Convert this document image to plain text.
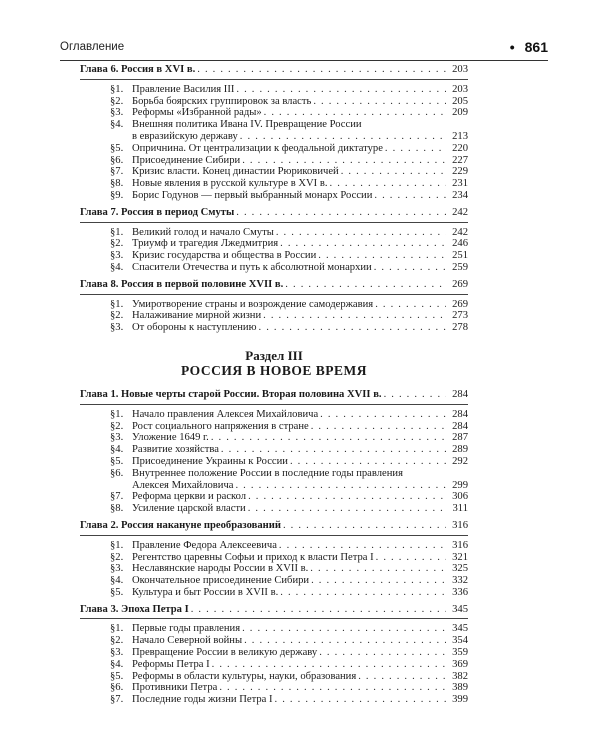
Оглавление	• 861
Глава 6. Россия в XVI в. . . .	203
§1. Правление Василия III . . .	203
§2. Борьба боярских группировок за власть . . .	205
§3. Реформы «Избранной рады» . . .	209
§4. Внешняя политика Ивана IV. Превращение России
в евразийскую державу . . .	213
§5. Опричнина. От централизации к феодальной диктатуре . . .	220
§6. Присоединение Сибири . . .	227
§7. Кризис власти. Конец династии Рюриковичей . . .	229
§8. Новые явления в русской культуре в XVI в. . . .	231
§9. Борис Годунов — первый выбранный монарх России . . .	234
Глава 7. Россия в период Смуты . . .	242
§1. Великий голод и начало Смуты . . .	242
§2. Триумф и трагедия Лжедмитрия . . .	246
§3. Кризис государства и общества в России . . .	251
§4. Спасители Отечества и путь к абсолютной монархии . . .	259
Глава 8. Россия в первой половине XVII в. . . .	269
§1. Умиротворение страны и возрождение самодержавия . . .	269
§2. Налаживание мирной жизни . . .	273
§3. От обороны к наступлению . . .	278
Раздел III
РОССИЯ В НОВОЕ ВРЕМЯ
Глава 1. Новые черты старой России. Вторая половина XVII в. . . .	284
§1. Начало правления Алексея Михайловича . . .	284
§2. Рост социального напряжения в стране . . .	284
§3. Уложение 1649 г. . . .	287
§4. Развитие хозяйства . . .	289
§5. Присоединение Украины к России . . .	292
§6. Внутреннее положение России в последние годы правления
Алексея Михайловича . . .	299
§7. Реформа церкви и раскол . . .	306
§8. Усиление царской власти . . .	311
Глава 2. Россия накануне преобразований . . .	316
§1. Правление Федора Алексеевича . . .	316
§2. Регентство царевны Софьи и приход к власти Петра I . . .	321
§3. Неславянские народы России в XVII в. . . .	325
§4. Окончательное присоединение Сибири . . .	332
§5. Культура и быт России в XVII в. . . .	336
Глава 3. Эпоха Петра I . . .	345
§1. Первые годы правления . . .	345
§2. Начало Северной войны . . .	354
§3. Превращение России в великую державу . . .	359
§4. Реформы Петра I . . .	369
§5. Реформы в области культуры, науки, образования . . .	382
§6. Противники Петра . . .	389
§7. Последние годы жизни Петра I . . .	399
